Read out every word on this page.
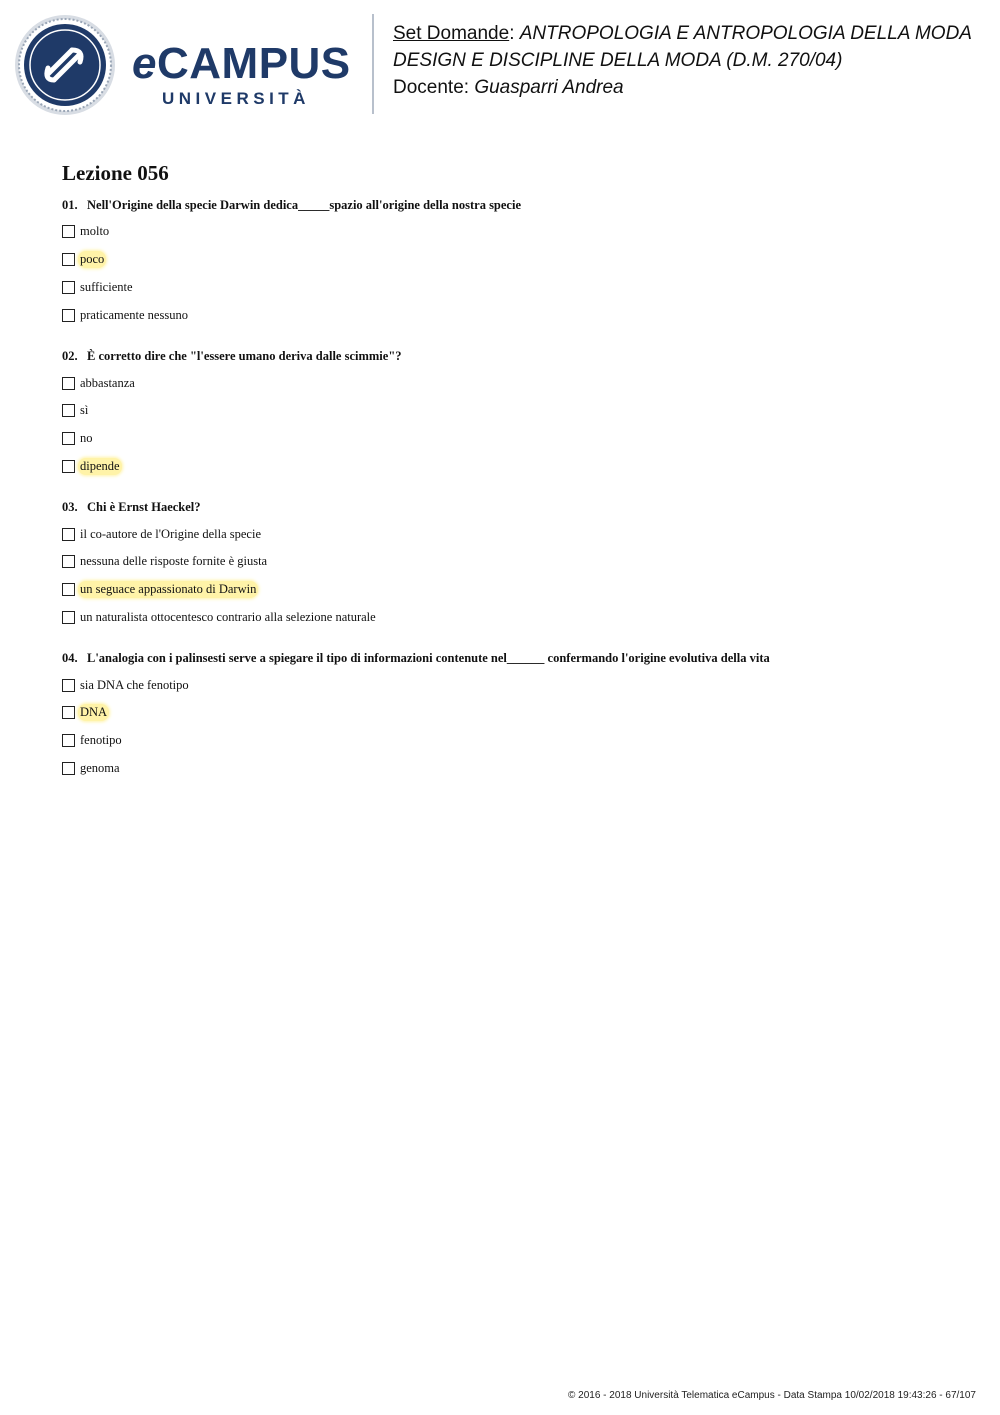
eCAMPUS
UNIVERSITÀ
Set Domande: ANTROPOLOGIA E ANTROPOLOGIA DELLA MODA
DESIGN E DISCIPLINE DELLA MODA (D.M. 270/04)
Docente: Guasparri Andrea
Lezione 056
01. Nell'Origine della specie Darwin dedica_____spazio all'origine della nostra specie
molto
poco
sufficiente
praticamente nessuno
02. È corretto dire che "l'essere umano deriva dalle scimmie"?
abbastanza
sì
no
dipende
03. Chi è Ernst Haeckel?
il co-autore de l'Origine della specie
nessuna delle risposte fornite è giusta
un seguace appassionato di Darwin
un naturalista ottocentesco contrario alla selezione naturale
04. L'analogia con i palinsesti serve a spiegare il tipo di informazioni contenute nel______ confermando l'origine evolutiva della vita
sia DNA che fenotipo
DNA
fenotipo
genoma
© 2016 - 2018 Università Telematica eCampus - Data Stampa 10/02/2018 19:43:26 - 67/107
